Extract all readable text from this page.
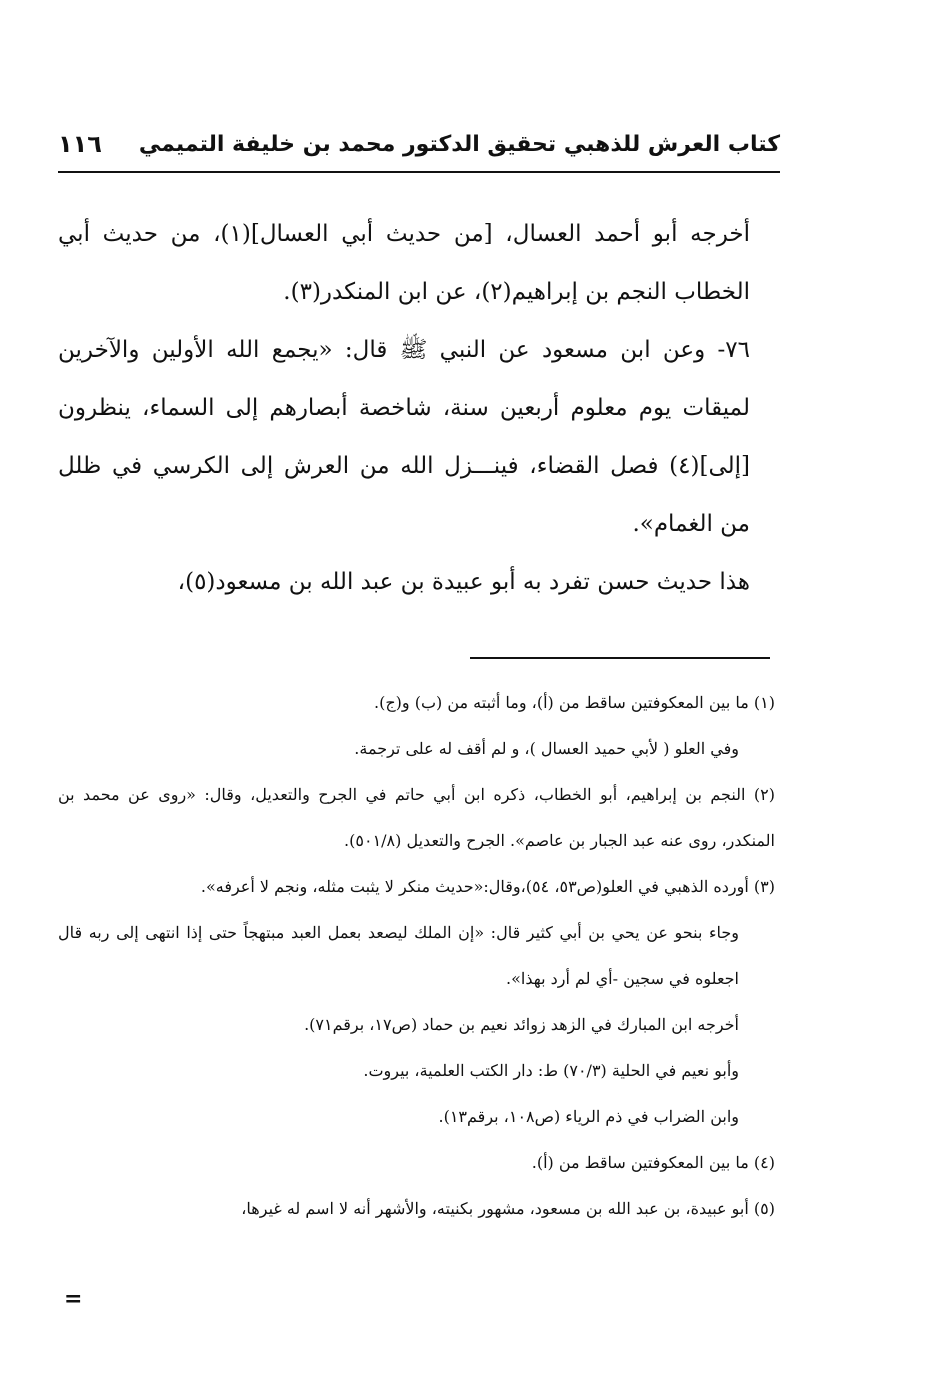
كتاب العرش للذهبي تحقيق الدكتور محمد بن خليفة التميمي
١١٦

أخرجه أبو أحمد العسال، [من حديث أبي العسال](١)، من حديث أبي الخطاب النجم بن إبراهيم(٢)، عن ابن المنكدر(٣).

٧٦- وعن ابن مسعود عن النبي ﷺ قال: «يجمع الله الأولين والآخرين لميقات يوم معلوم أربعين سنة، شاخصة أبصارهم إلى السماء، ينظرون [إلى](٤) فصل القضاء، فينـــزل الله من العرش إلى الكرسي في ظلل من الغمام».

هذا حديث حسن تفرد به أبو عبيدة بن عبد الله بن مسعود(٥)،

(١) ما بين المعكوفتين ساقط من (أ)، وما أثبته من (ب) و(ج).

وفي العلو ( لأبي حميد العسال )، و لم أقف له على ترجمة.

(٢) النجم بن إبراهيم، أبو الخطاب، ذكره ابن أبي حاتم في الجرح والتعديل، وقال: «روى عن محمد بن المنكدر، روى عنه عبد الجبار بن عاصم». الجرح والتعديل (٥٠١/٨).

(٣) أورده الذهبي في العلو(ص٥٣، ٥٤)،وقال:«حديث منكر لا يثبت مثله، ونجم لا أعرفه».

وجاء بنحو عن يحي بن أبي كثير قال: «إن الملك ليصعد بعمل العبد مبتهجاً حتى إذا انتهى إلى ربه قال اجعلوه في سجين -أي لم أرد بهذا».

أخرجه ابن المبارك في الزهد زوائد نعيم بن حماد (ص١٧، برقم٧١).

وأبو نعيم في الحلية (٧٠/٣) ط: دار الكتب العلمية، بيروت.

وابن الضراب في ذم الرياء (ص١٠٨، برقم١٣).

(٤) ما بين المعكوفتين ساقط من (أ).

(٥) أبو عبيدة، بن عبد الله بن مسعود، مشهور بكنيته، والأشهر أنه لا اسم له غيرها،

=
